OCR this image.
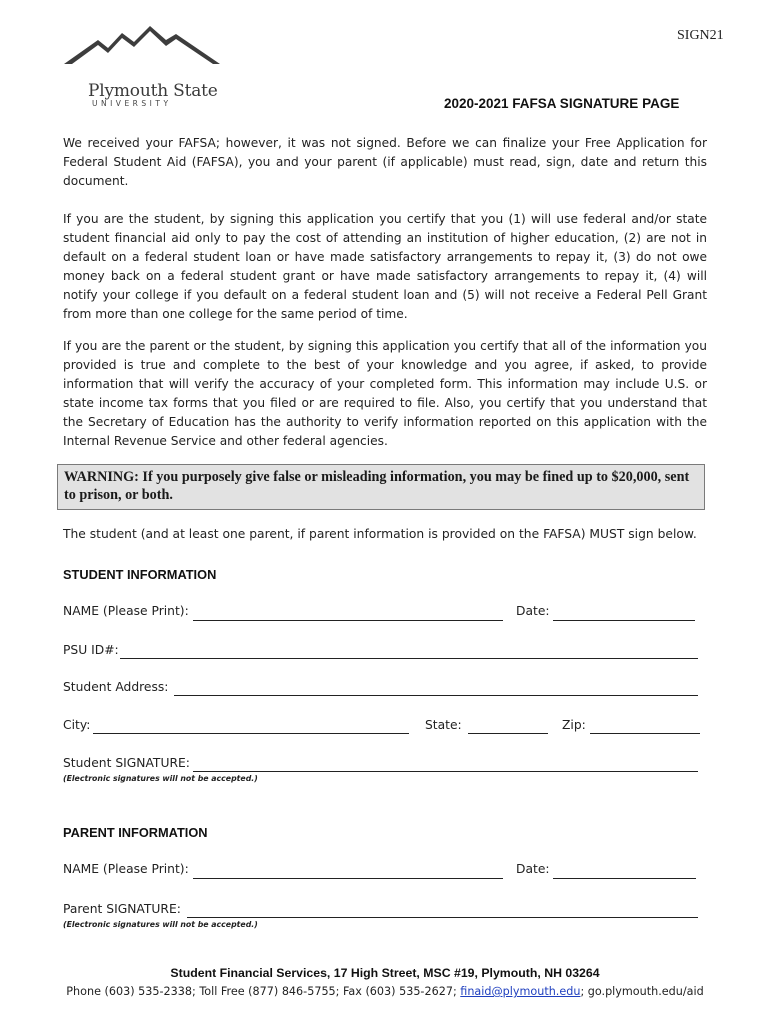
SIGN21
Plymouth State
UNIVERSITY	2020-2021 FAFSA SIGNATURE PAGE
We received your FAFSA; however, it was not signed. Before we can finalize your Free Application for Federal Student Aid (FAFSA), you and your parent (if applicable) must read, sign, date and return this document.
If you are the student, by signing this application you certify that you (1) will use federal and/or state student financial aid only to pay the cost of attending an institution of higher education, (2) are not in default on a federal student loan or have made satisfactory arrangements to repay it, (3) do not owe money back on a federal student grant or have made satisfactory arrangements to repay it, (4) will notify your college if you default on a federal student loan and (5) will not receive a Federal Pell Grant from more than one college for the same period of time.
If you are the parent or the student, by signing this application you certify that all of the information you provided is true and complete to the best of your knowledge and you agree, if asked, to provide information that will verify the accuracy of your completed form. This information may include U.S. or state income tax forms that you filed or are required to file. Also, you certify that you understand that the Secretary of Education has the authority to verify information reported on this application with the Internal Revenue Service and other federal agencies.
WARNING: If you purposely give false or misleading information, you may be fined up to $20,000, sent to prison, or both.
The student (and at least one parent, if parent information is provided on the FAFSA) MUST sign below.
STUDENT INFORMATION
NAME (Please Print):	Date:
PSU ID#:
Student Address:
City:	State:	Zip:
Student SIGNATURE:
(Electronic signatures will not be accepted.)
PARENT INFORMATION
NAME (Please Print):	Date:
Parent SIGNATURE:
(Electronic signatures will not be accepted.)
Student Financial Services, 17 High Street, MSC #19, Plymouth, NH 03264
Phone (603) 535-2338; Toll Free (877) 846-5755; Fax (603) 535-2627; finaid@plymouth.edu; go.plymouth.edu/aid
